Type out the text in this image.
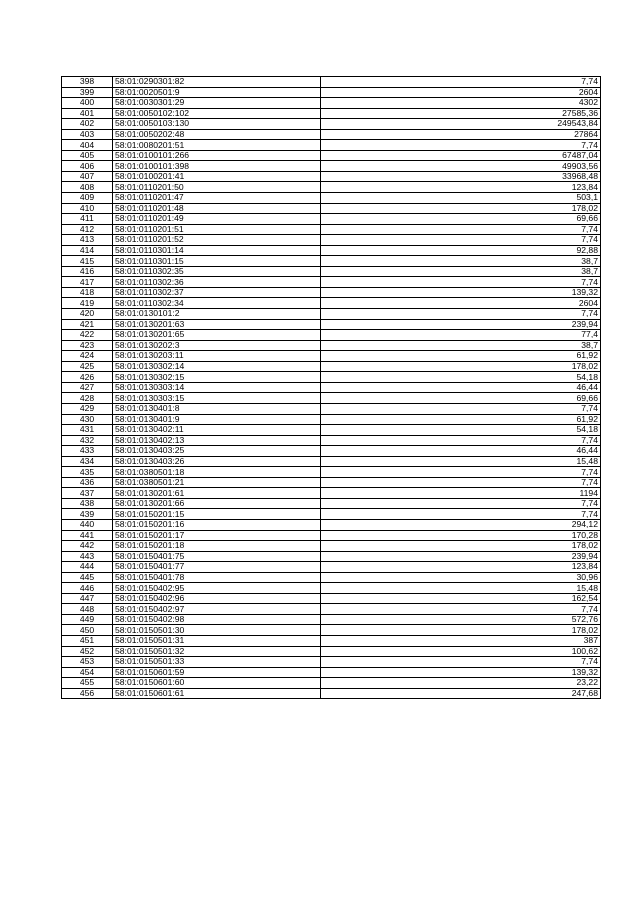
398	58:01:0290301:82	7,74
399	58:01:0020501:9	2604
400	58:01:0030301:29	4302
401	58:01:0050102:102	27585,36
402	58:01:0050103:130	249543,84
403	58:01:0050202:48	27864
404	58:01:0080201:51	7,74
405	58:01:0100101:266	67487,04
406	58:01:0100101:398	49903,56
407	58:01:0100201:41	33968,48
408	58:01:0110201:50	123,84
409	58:01:0110201:47	503,1
410	58:01:0110201:48	178,02
411	58:01:0110201:49	69,66
412	58:01:0110201:51	7,74
413	58:01:0110201:52	7,74
414	58:01:0110301:14	92,88
415	58:01:0110301:15	38,7
416	58:01:0110302:35	38,7
417	58:01:0110302:36	7,74
418	58:01:0110302:37	139,32
419	58:01:0110302:34	2604
420	58:01:0130101:2	7,74
421	58:01:0130201:63	239,94
422	58:01:0130201:65	77,4
423	58:01:0130202:3	38,7
424	58:01:0130203:11	61,92
425	58:01:0130302:14	178,02
426	58:01:0130302:15	54,18
427	58:01:0130303:14	46,44
428	58:01:0130303:15	69,66
429	58:01:0130401:8	7,74
430	58:01:0130401:9	61,92
431	58:01:0130402:11	54,18
432	58:01:0130402:13	7,74
433	58:01:0130403:25	46,44
434	58:01:0130403:26	15,48
435	58:01:0380501:18	7,74
436	58:01:0380501:21	7,74
437	58:01:0130201:61	1194
438	58:01:0130201:66	7,74
439	58:01:0150201:15	7,74
440	58:01:0150201:16	294,12
441	58:01:0150201:17	170,28
442	58:01:0150201:18	178,02
443	58:01:0150401:75	239,94
444	58:01:0150401:77	123,84
445	58:01:0150401:78	30,96
446	58:01:0150402:95	15,48
447	58:01:0150402:96	162,54
448	58:01:0150402:97	7,74
449	58:01:0150402:98	572,76
450	58:01:0150501:30	178,02
451	58:01:0150501:31	387
452	58:01:0150501:32	100,62
453	58:01:0150501:33	7,74
454	58:01:0150601:59	139,32
455	58:01:0150601:60	23,22
456	58:01:0150601:61	247,68
